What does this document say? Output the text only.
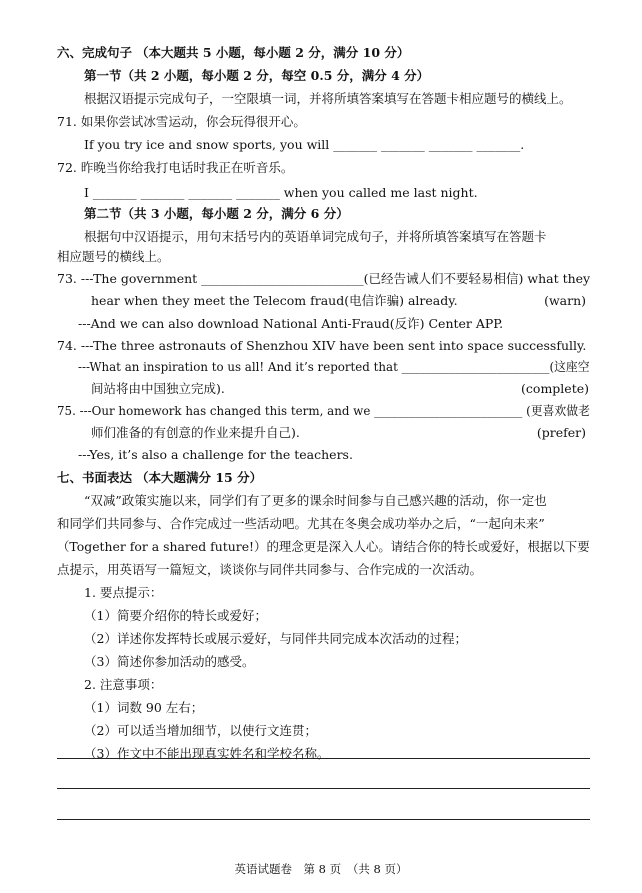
六、完成句子 （本大题共 5 小题，每小题 2 分，满分 10 分）
第一节（共 2 小题，每小题 2 分，每空 0.5 分，满分 4 分）
根据汉语提示完成句子，一空限填一词，并将所填答案填写在答题卡相应题号的横线上。
71. 如果你尝试冰雪运动，你会玩得很开心。
If you try ice and snow sports, you will _______ _______ _______ _______.
72. 昨晚当你给我打电话时我正在听音乐。
I _______ _______ _______ _______ when you called me last night.
第二节（共 3 小题，每小题 2 分，满分 6 分）
根据句中汉语提示，用句末括号内的英语单词完成句子，并将所填答案填写在答题卡
相应题号的横线上。
73. ---The government __________________________(已经告诫人们不要轻易相信) what they
hear when they meet the Telecom fraud(电信诈骗) already.	(warn)
---And we can also download National Anti-Fraud(反诈) Center APP.
74. ---The three astronauts of Shenzhou XIV have been sent into space successfully.
---What an inspiration to us all! And it’s reported that _________________________(这座空
间站将由中国独立完成).	(complete)
75. ---Our homework has changed this term, and we _________________________ (更喜欢做老
师们准备的有创意的作业来提升自己).	(prefer)
---Yes, it’s also a challenge for the teachers.
七、书面表达 （本大题满分 15 分）
“双减”政策实施以来，同学们有了更多的课余时间参与自己感兴趣的活动，你一定也
和同学们共同参与、合作完成过一些活动吧。尤其在冬奥会成功举办之后，“一起向未来”
（Together for a shared future!）的理念更是深入人心。请结合你的特长或爱好，根据以下要
点提示，用英语写一篇短文，谈谈你与同伴共同参与、合作完成的一次活动。
1. 要点提示：
（1）简要介绍你的特长或爱好；
（2）详述你发挥特长或展示爱好，与同伴共同完成本次活动的过程；
（3）简述你参加活动的感受。
2. 注意事项：
（1）词数 90 左右；
（2）可以适当增加细节，以使行文连贯；
（3）作文中不能出现真实姓名和学校名称。
英语试题卷　第 8 页　（共 8 页）
